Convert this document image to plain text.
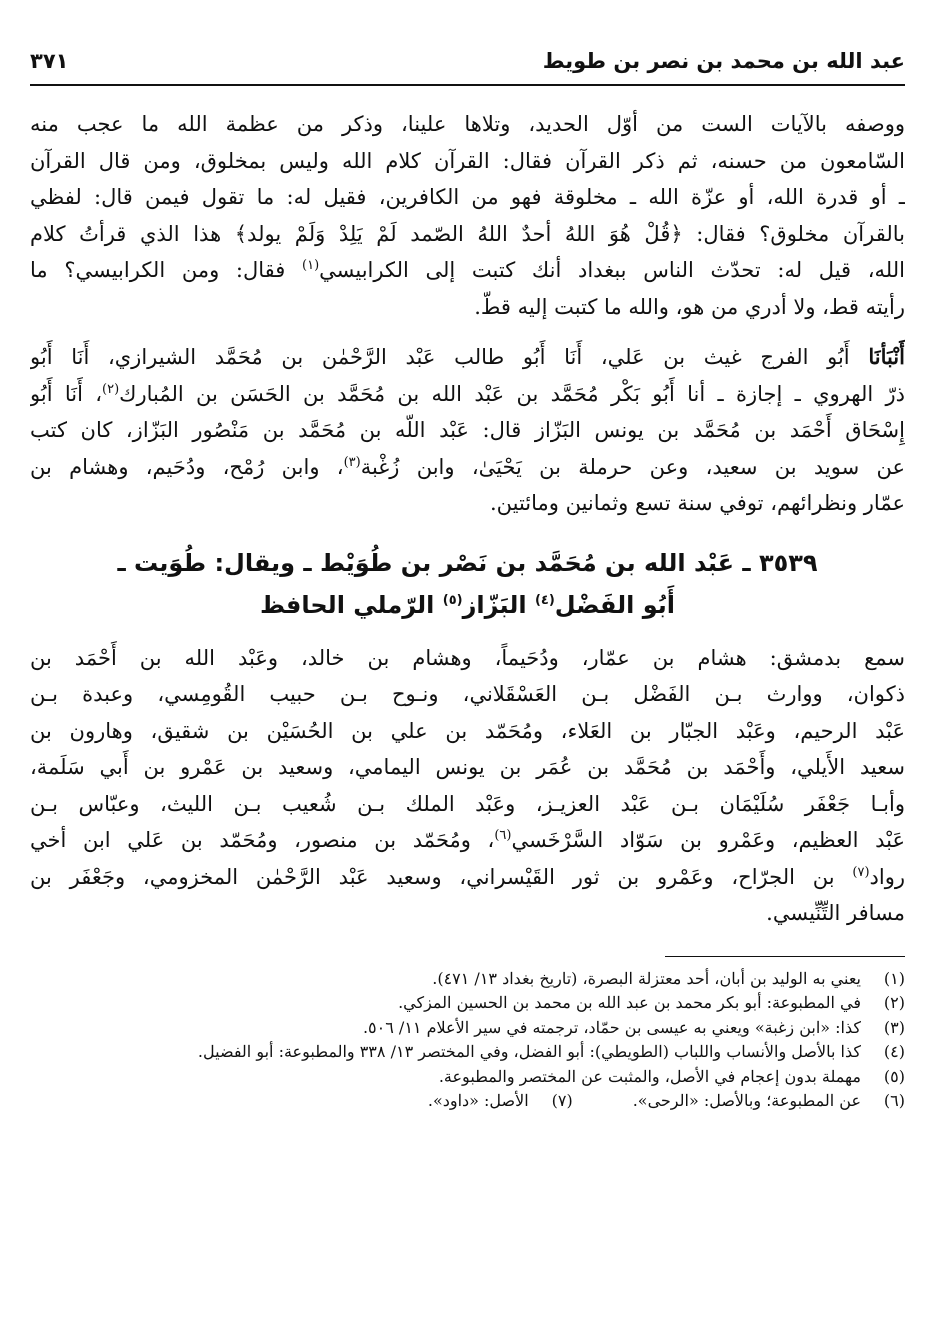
عبد الله بن محمد بن نصر بن طويط
٣٧١
ووصفه بالآيات الست من أوّل الحديد، وتلاها علينا، وذكر من عظمة الله ما عجب منه
السّامعون من حسنه، ثم ذكر القرآن فقال: القرآن كلام الله وليس بمخلوق، ومن قال القرآن
ـ أو قدرة الله، أو عزّة الله ـ مخلوقة فهو من الكافرين، فقيل له: ما تقول فيمن قال: لفظي
بالقرآن مخلوق؟ فقال: ﴿قُلْ هُوَ اللهُ أحدٌ اللهُ الصّمد لَمْ يَلِدْ وَلَمْ يولد﴾ هذا الذي قرأتُ كلام
الله، قيل له: تحدّث الناس ببغداد أنك كتبت إلى الكرابيسي$^{(١)}$ فقال: ومن الكرابيسي؟ ما
رأيته قط، ولا أدري من هو، والله ما كتبت إليه قطّ.
أَنْبَأنَا أَبُو الفرج غيث بن عَلي، أَنَا أَبُو طالب عَبْد الرَّحْمٰن بن مُحَمَّد الشيرازي، أَنَا أَبُو
ذرّ الهروي ـ إجازة ـ أنا أَبُو بَكْر مُحَمَّد بن عَبْد الله بن مُحَمَّد بن الحَسَن بن المُبارك$^{(٢)}$، أَنَا أَبُو
إِسْحَاق أَحْمَد بن مُحَمَّد بن يونس البَزّاز قال: عَبْد اللّه بن مُحَمَّد بن مَنْصُور البَزّاز، كان كتب
عن سويد بن سعيد، وعن حرملة بن يَحْيَىٰ، وابن زُغْبة$^{(٣)}$، وابن رُمْح، ودُحَيم، وهشام بن
عمّار ونظرائهم، توفي سنة تسع وثمانين ومائتين.
٣٥٣٩ ـ عَبْد الله بن مُحَمَّد بن نَصْر بن طُوَيْط ـ ويقال: طُوَيت ـ
أَبُو الفَضْل$^{(٤)}$ البَزّاز$^{(٥)}$ الرّملي الحافظ
سمع بدمشق: هشام بن عمّار، ودُحَيماً، وهشام بن خالد، وعَبْد الله بن أَحْمَد بن
ذكوان، ووارث بـن الفَضْل بـن العَسْقَلاني، ونـوح بـن حبيب القُومِسي، وعبدة بـن
عَبْد الرحيم، وعَبْد الجبّار بن العَلاء، ومُحَمّد بن علي بن الحُسَيْن بن شقيق، وهارون بن
سعيد الأَيلي، وأَحْمَد بن مُحَمَّد بن عُمَر بن يونس اليمامي، وسعيد بن عَمْرو بن أَبي سَلَمة،
وأبـا جَعْفَر سُلَيْمَان بـن عَبْد العزيـز، وعَبْد الملك بـن شُعيب بـن الليث، وعبّاس بـن
عَبْد العظيم، وعَمْرو بن سَوّاد السَّرْخَسي$^{(٦)}$، ومُحَمّد بن منصور، ومُحَمّد بن عَلي ابن أخي
رواد$^{(٧)}$ بن الجرّاح، وعَمْرو بن ثور القَيْسراني، وسعيد عَبْد الرَّحْمٰن المخزومي، وجَعْفَر بن
مسافر التِّنِّيسي.
(١)
يعني به الوليد بن أبان، أحد معتزلة البصرة، (تاريخ بغداد ١٣/ ٤٧١).
(٢)
في المطبوعة: أبو بكر محمد بن عبد الله بن محمد بن الحسين المزكي.
(٣)
كذا: «ابن زغبة» ويعني به عيسى بن حمّاد، ترجمته في سير الأعلام ١١/ ٥٠٦.
(٤)
كذا بالأصل والأنساب واللباب (الطويطي): أبو الفضل، وفي المختصر ١٣/ ٣٣٨ والمطبوعة: أبو الفضيل.
(٥)
مهملة بدون إعجام في الأصل، والمثبت عن المختصر والمطبوعة.
(٦)
عن المطبوعة؛ وبالأصل: «الرحى».
(٧)
الأصل: «داود».
